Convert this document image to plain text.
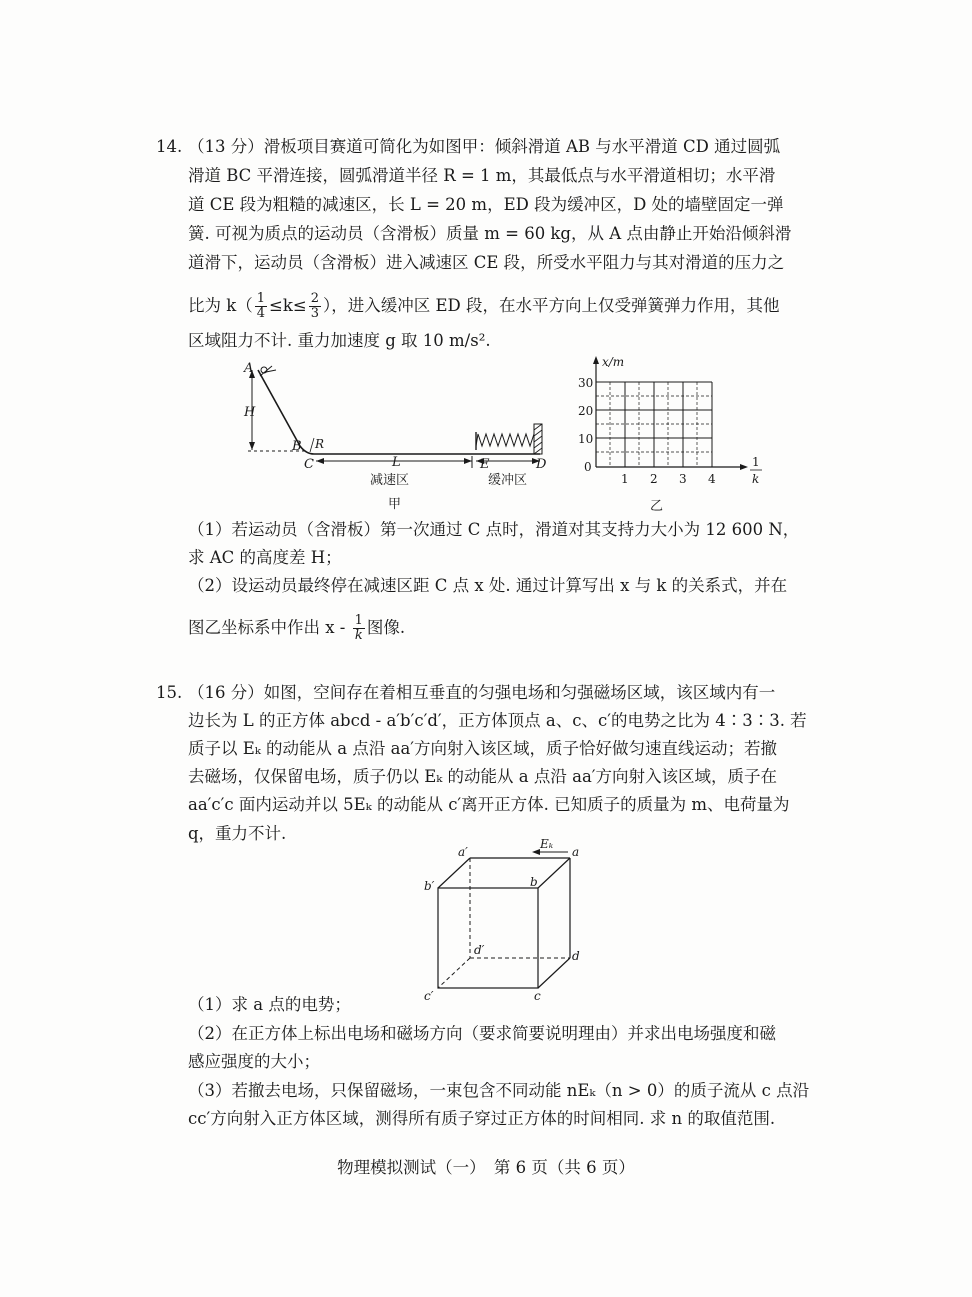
14. （13 分）滑板项目赛道可简化为如图甲：倾斜滑道 AB 与水平滑道 CD 通过圆弧
滑道 BC 平滑连接，圆弧滑道半径 R = 1 m，其最低点与水平滑道相切；水平滑
道 CE 段为粗糙的减速区，长 L = 20 m，ED 段为缓冲区，D 处的墙壁固定一弹
簧. 可视为质点的运动员（含滑板）质量 m = 60 kg，从 A 点由静止开始沿倾斜滑
道滑下，运动员（含滑板）进入减速区 CE 段，所受水平阻力与其对滑道的压力之
比为 $k( \frac{1}{4} \le k\le \frac{2}{3}$ ），进入缓冲区 ED 段，在水平方向上仅受弹簧弹力作用，其他
区域阻力不计. 重力加速度 g 取 10 m/s².
A
H
B R
C	L	E	D
减速区	缓冲区
甲
x/m
30
20
10
0
1 2 3 4
1
k
乙
（1）若运动员（含滑板）第一次通过 C 点时，滑道对其支持力大小为 12 600 N，
求 AC 的高度差 H；
（2）设运动员最终停在减速区距 C 点 x 处. 通过计算写出 x 与 k 的关系式，并在
图乙坐标系中作出 x - $\frac{1}{k}$ 图像.
15. （16 分）如图，空间存在着相互垂直的匀强电场和匀强磁场区域，该区域内有一
边长为 L 的正方体 abcd - a′b′c′d′，正方体顶点 a、c、c′的电势之比为 4∶3∶3. 若
质子以 Eₖ 的动能从 a 点沿 aa′方向射入该区域，质子恰好做匀速直线运动；若撤
去磁场，仅保留电场，质子仍以 Eₖ 的动能从 a 点沿 aa′方向射入该区域，质子在
aa′c′c 面内运动并以 5Eₖ 的动能从 c′离开正方体. 已知质子的质量为 m、电荷量为
q，重力不计.
a′
Eₖ
a
b′	b
d′	d
c′	c
（1）求 a 点的电势；
（2）在正方体上标出电场和磁场方向（要求简要说明理由）并求出电场强度和磁
感应强度的大小；
（3）若撤去电场，只保留磁场，一束包含不同动能 nEₖ（n > 0）的质子流从 c 点沿
cc′方向射入正方体区域，测得所有质子穿过正方体的时间相同. 求 n 的取值范围.
物理模拟测试（一）　第 6 页（共 6 页）
